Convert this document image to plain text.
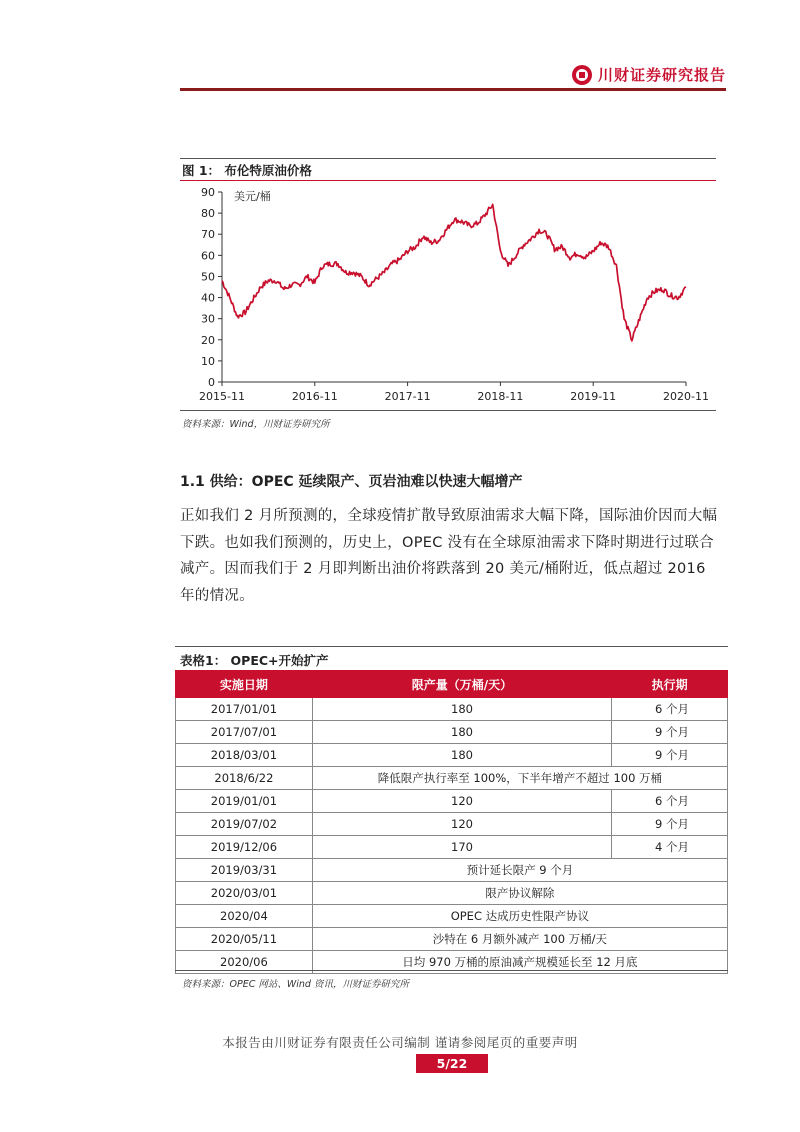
川财证券研究报告
图 1： 布伦特原油价格
0
10
20
30
40
50
60
70
80
90
2015-11	2016-11	2017-11	2018-11	2019-11	2020-11
美元/桶
资料来源：Wind，川财证券研究所
1.1 供给：OPEC 延续限产、页岩油难以快速大幅增产
正如我们 2 月所预测的，全球疫情扩散导致原油需求大幅下降，国际油价因而大幅下跌。也如我们预测的，历史上，OPEC 没有在全球原油需求下降时期进行过联合减产。因而我们于 2 月即判断出油价将跌落到 20 美元/桶附近，低点超过 2016 年的情况。
表格1： OPEC+开始扩产
实施日期	限产量（万桶/天）	执行期
2017/01/01	180	6 个月
2017/07/01	180	9 个月
2018/03/01	180	9 个月
2018/6/22	降低限产执行率至 100%，下半年增产不超过 100 万桶	
2019/01/01	120	6 个月
2019/07/02	120	9 个月
2019/12/06	170	4 个月
2019/03/31	预计延长限产 9 个月	
2020/03/01	限产协议解除	
2020/04	OPEC 达成历史性限产协议	
2020/05/11	沙特在 6 月额外减产 100 万桶/天	
2020/06	日均 970 万桶的原油减产规模延长至 12 月底	
资料来源：OPEC 网站、Wind 资讯，川财证券研究所
本报告由川财证券有限责任公司编制 谨请参阅尾页的重要声明
5/22
